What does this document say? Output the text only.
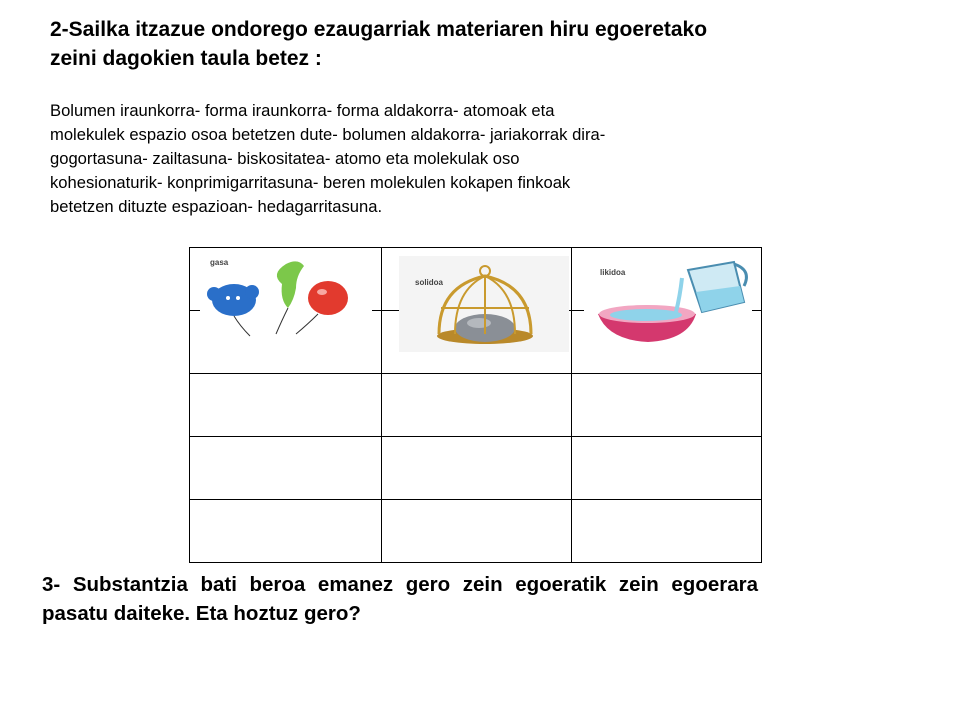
2-Sailka itzazue ondorego ezaugarriak materiaren hiru egoeretako zeini dagokien taula betez :

Bolumen iraunkorra- forma iraunkorra- forma aldakorra- atomoak eta
molekulek espazio osoa betetzen dute- bolumen aldakorra- jariakorrak dira-
gogortasuna- zailtasuna- biskositatea- atomo eta molekulak oso
kohesionaturik- konprimigarritasuna- beren molekulen kokapen finkoak
betetzen dituzte espazioan- hedagarritasuna.

gasa
solidoa
likidoa

3- Substantzia bati beroa emanez gero zein egoeratik zein egoerara pasatu daiteke. Eta hoztuz gero?
